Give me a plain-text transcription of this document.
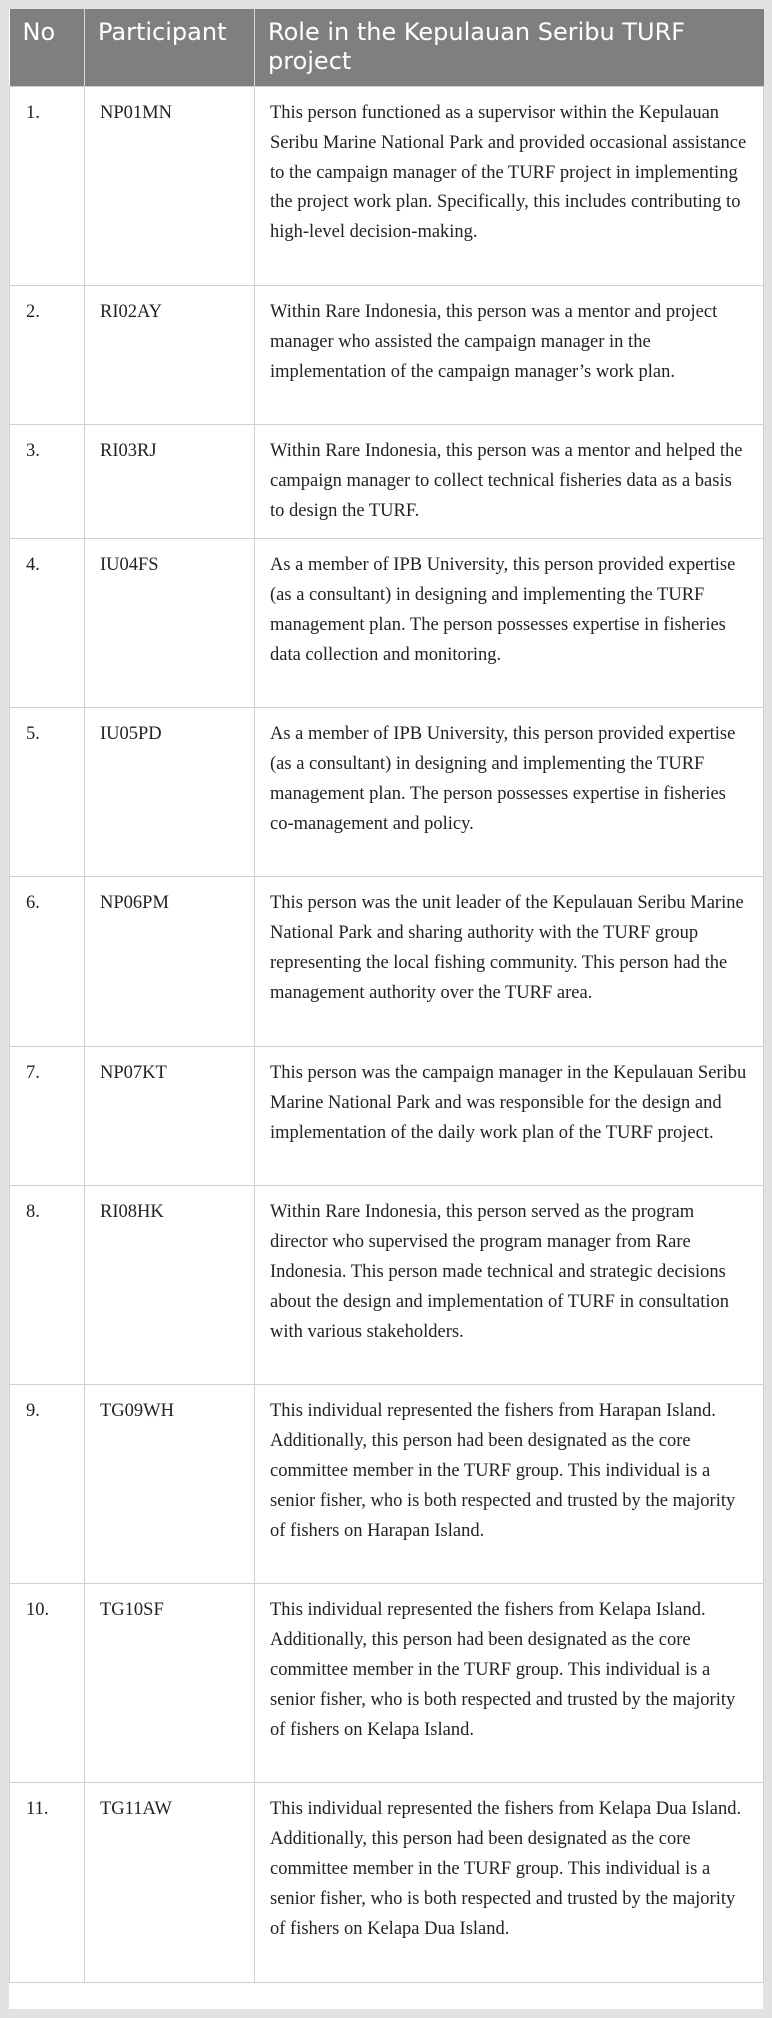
No	Participant	Role in the Kepulauan Seribu TURF project
1.	NP01MN	This person functioned as a supervisor within the Kepulauan Seribu Marine National Park and provided occasional assistance to the campaign manager of the TURF project in implementing the project work plan. Specifically, this includes contributing to high-level decision-making.
2.	RI02AY	Within Rare Indonesia, this person was a mentor and project manager who assisted the campaign manager in the implementation of the campaign manager’s work plan.
3.	RI03RJ	Within Rare Indonesia, this person was a mentor and helped the campaign manager to collect technical fisheries data as a basis to design the TURF.
4.	IU04FS	As a member of IPB University, this person provided expertise (as a consultant) in designing and implementing the TURF management plan. The person possesses expertise in fisheries data collection and monitoring.
5.	IU05PD	As a member of IPB University, this person provided expertise (as a consultant) in designing and implementing the TURF management plan. The person possesses expertise in fisheries co-management and policy.
6.	NP06PM	This person was the unit leader of the Kepulauan Seribu Marine National Park and sharing authority with the TURF group representing the local fishing community. This person had the management authority over the TURF area.
7.	NP07KT	This person was the campaign manager in the Kepulauan Seribu Marine National Park and was responsible for the design and implementation of the daily work plan of the TURF project.
8.	RI08HK	Within Rare Indonesia, this person served as the program director who supervised the program manager from Rare Indonesia. This person made technical and strategic decisions about the design and implementation of TURF in consultation with various stakeholders.
9.	TG09WH	This individual represented the fishers from Harapan Island. Additionally, this person had been designated as the core committee member in the TURF group. This individual is a senior fisher, who is both respected and trusted by the majority of fishers on Harapan Island.
10.	TG10SF	This individual represented the fishers from Kelapa Island. Additionally, this person had been designated as the core committee member in the TURF group. This individual is a senior fisher, who is both respected and trusted by the majority of fishers on Kelapa Island.
11.	TG11AW	This individual represented the fishers from Kelapa Dua Island. Additionally, this person had been designated as the core committee member in the TURF group. This individual is a senior fisher, who is both respected and trusted by the majority of fishers on Kelapa Dua Island.
